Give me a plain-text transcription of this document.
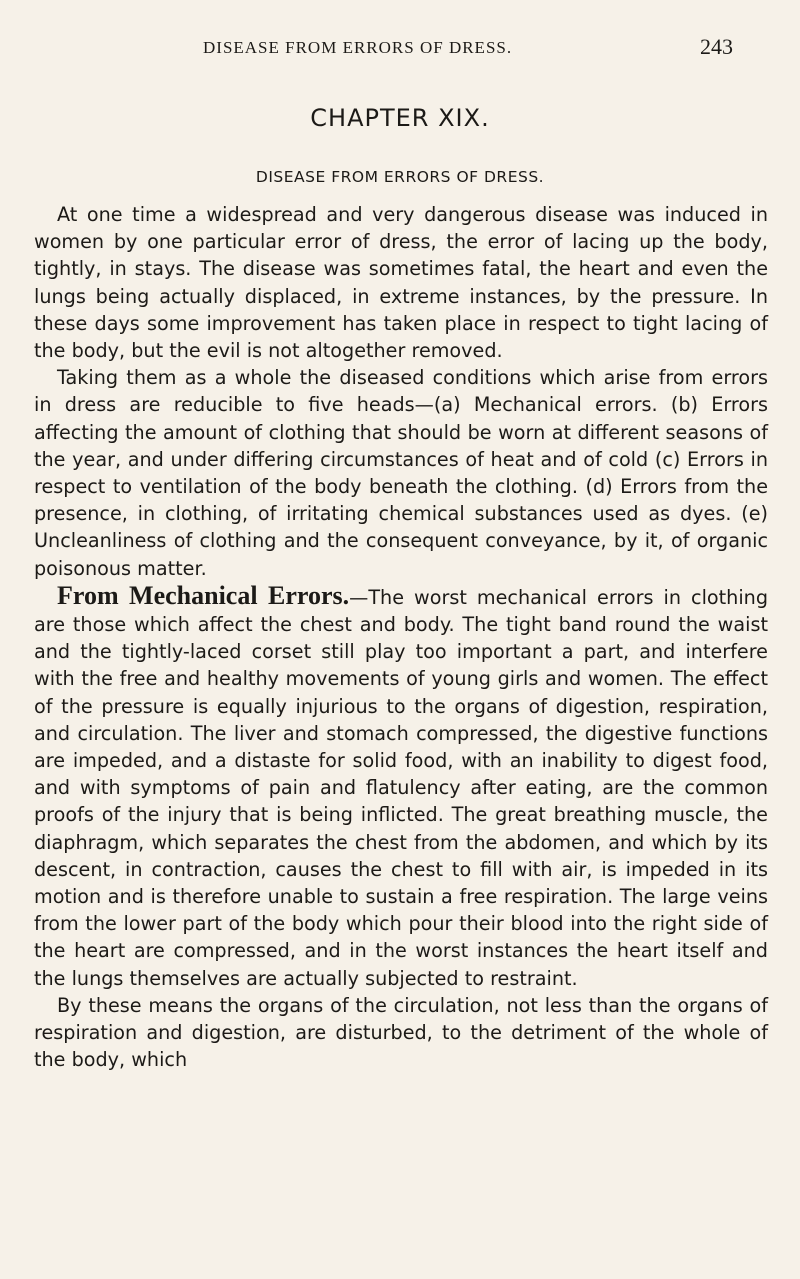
DISEASE FROM ERRORS OF DRESS.	243
CHAPTER XIX.
DISEASE FROM ERRORS OF DRESS.

At one time a widespread and very dangerous disease was induced in women by one particular error of dress, the error of lacing up the body, tightly, in stays. The disease was sometimes fatal, the heart and even the lungs being actually displaced, in extreme instances, by the pressure. In these days some improvement has taken place in respect to tight lacing of the body, but the evil is not altogether removed.

Taking them as a whole the diseased conditions which arise from errors in dress are reducible to five heads—(a) Mechanical errors. (b) Errors affecting the amount of clothing that should be worn at different seasons of the year, and under differing circumstances of heat and of cold (c) Errors in respect to ventilation of the body beneath the clothing. (d) Errors from the presence, in clothing, of irritating chemical substances used as dyes. (e) Uncleanliness of clothing and the consequent conveyance, by it, of organic poisonous matter.

From Mechanical Errors.—The worst mechanical errors in clothing are those which affect the chest and body. The tight band round the waist and the tightly-laced corset still play too important a part, and interfere with the free and healthy movements of young girls and women. The effect of the pressure is equally injurious to the organs of digestion, respiration, and circulation. The liver and stomach compressed, the digestive functions are impeded, and a distaste for solid food, with an inability to digest food, and with symptoms of pain and flatulency after eating, are the common proofs of the injury that is being inflicted. The great breathing muscle, the diaphragm, which separates the chest from the abdomen, and which by its descent, in contraction, causes the chest to fill with air, is impeded in its motion and is therefore unable to sustain a free respiration. The large veins from the lower part of the body which pour their blood into the right side of the heart are compressed, and in the worst instances the heart itself and the lungs themselves are actually subjected to restraint.

By these means the organs of the circulation, not less than the organs of respiration and digestion, are disturbed, to the detriment of the whole of the body, which
